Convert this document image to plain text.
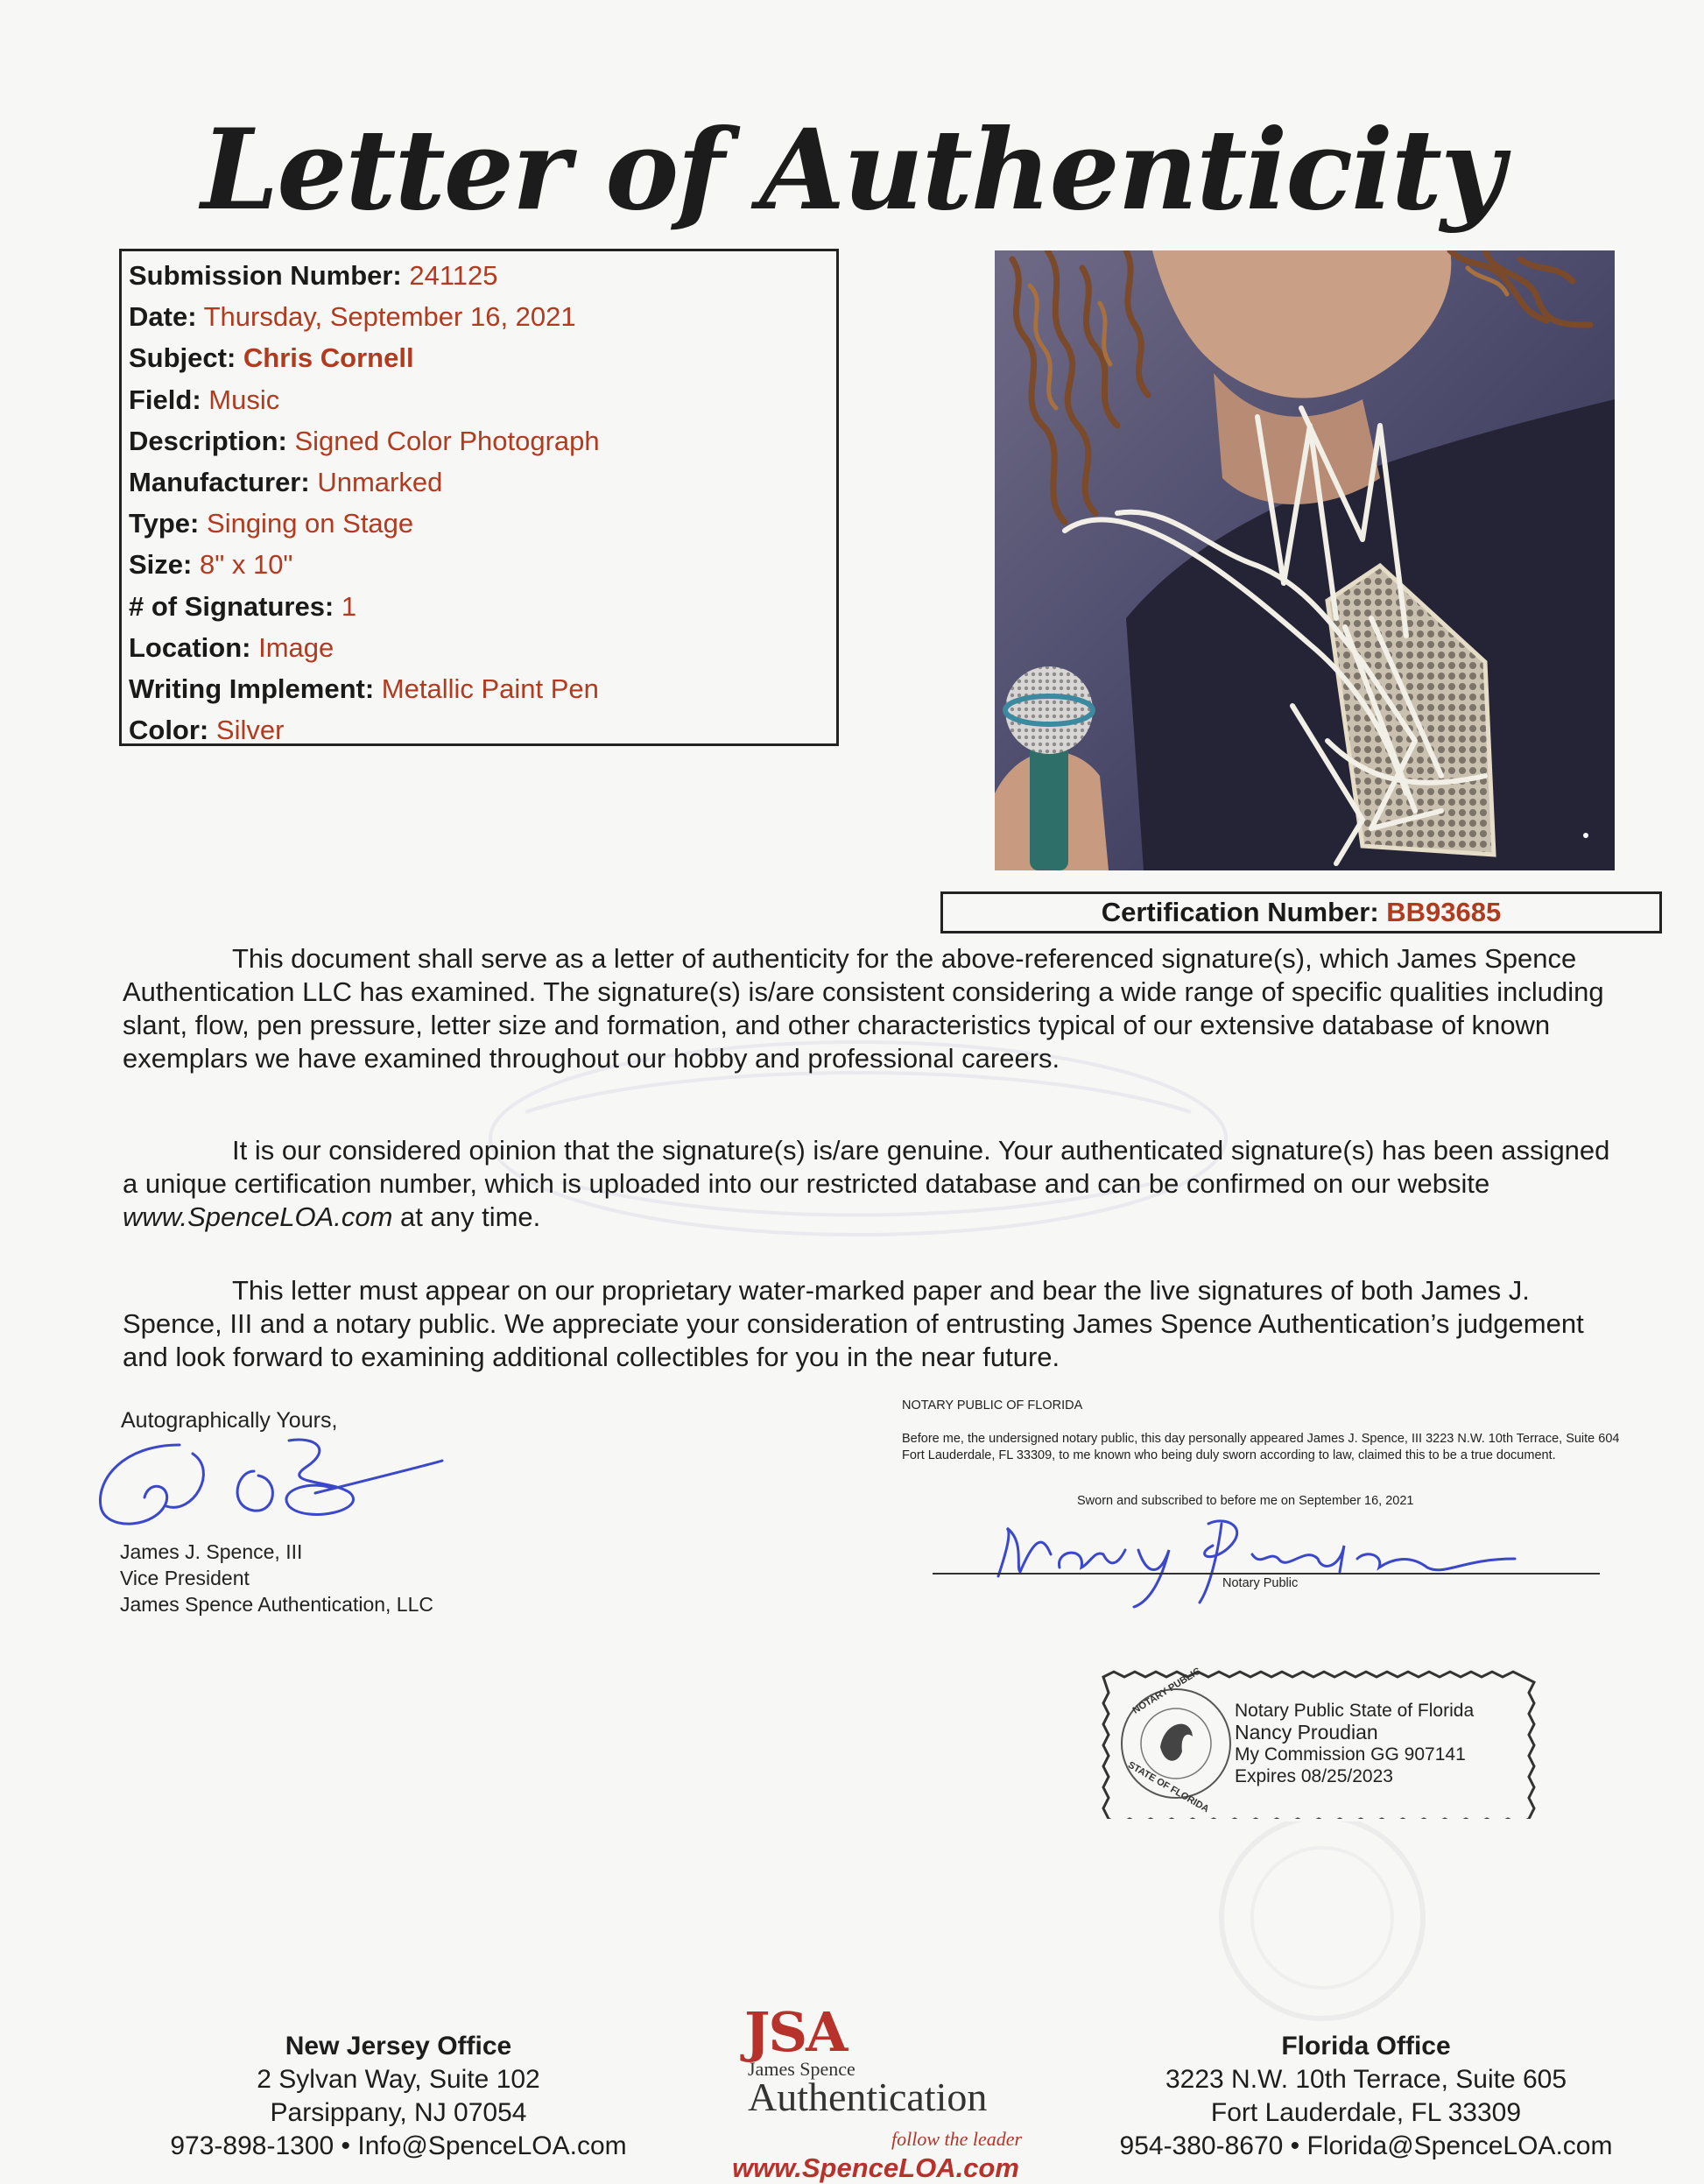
Letter of Authenticity
Submission Number: 241125
Date: Thursday, September 16, 2021
Subject: Chris Cornell
Field: Music
Description: Signed Color Photograph
Manufacturer: Unmarked
Type: Singing on Stage
Size: 8" x 10"
# of Signatures: 1
Location: Image
Writing Implement: Metallic Paint Pen
Color: Silver
Certification Number: BB93685

This document shall serve as a letter of authenticity for the above-referenced signature(s), which James Spence Authentication LLC has examined. The signature(s) is/are consistent considering a wide range of specific qualities including slant, flow, pen pressure, letter size and formation, and other characteristics typical of our extensive database of known exemplars we have examined throughout our hobby and professional careers.

It is our considered opinion that the signature(s) is/are genuine. Your authenticated signature(s) has been assigned a unique certification number, which is uploaded into our restricted database and can be confirmed on our website www.SpenceLOA.com at any time.

This letter must appear on our proprietary water-marked paper and bear the live signatures of both James J. Spence, III and a notary public. We appreciate your consideration of entrusting James Spence Authentication’s judgement and look forward to examining additional collectibles for you in the near future.

Autographically Yours,
James J. Spence, III
Vice President
James Spence Authentication, LLC
NOTARY PUBLIC OF FLORIDA
Before me, the undersigned notary public, this day personally appeared James J. Spence, III 3223 N.W. 10th Terrace, Suite 604 Fort Lauderdale, FL 33309, to me known who being duly sworn according to law, claimed this to be a true document.
Sworn and subscribed to before me on September 16, 2021
Notary Public
NOTARY PUBLIC
STATE OF FLORIDA
Notary Public State of Florida
Nancy Proudian
My Commission GG 907141
Expires 08/25/2023
New Jersey Office
2 Sylvan Way, Suite 102
Parsippany, NJ 07054
973-898-1300 • Info@SpenceLOA.com
JSA
James Spence
Authentication
follow the leader
www.SpenceLOA.com
Florida Office
3223 N.W. 10th Terrace, Suite 605
Fort Lauderdale, FL 33309
954-380-8670 • Florida@SpenceLOA.com
